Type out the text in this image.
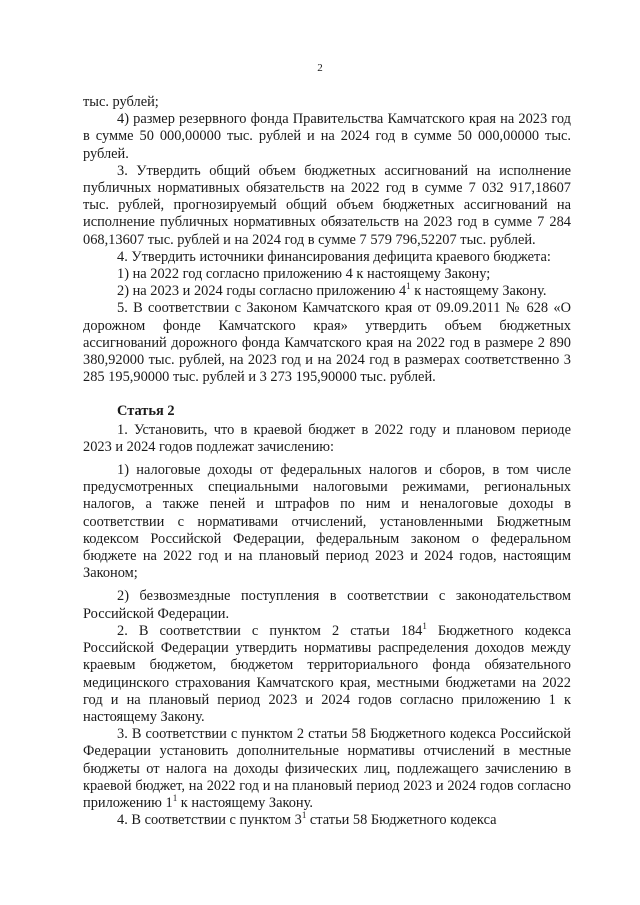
2

тыс. рублей;

4) размер резервного фонда Правительства Камчатского края на 2023 год в сумме 50 000,00000 тыс. рублей и на 2024 год в сумме 50 000,00000 тыс. рублей.

3. Утвердить общий объем бюджетных ассигнований на исполнение публичных нормативных обязательств на 2022 год в сумме 7 032 917,18607 тыс. рублей, прогнозируемый общий объем бюджетных ассигнований на исполнение публичных нормативных обязательств на 2023 год в сумме 7 284 068,13607 тыс. рублей и на 2024 год в сумме 7 579 796,52207 тыс. рублей.

4. Утвердить источники финансирования дефицита краевого бюджета:

1) на 2022 год согласно приложению 4 к настоящему Закону;

2) на 2023 и 2024 годы согласно приложению $4^1$ к настоящему Закону.

5. В соответствии с Законом Камчатского края от 09.09.2011 № 628 «О дорожном фонде Камчатского края» утвердить объем бюджетных ассигнований дорожного фонда Камчатского края на 2022 год в размере 2 890 380,92000 тыс. рублей, на 2023 год и на 2024 год в размерах соответственно 3 285 195,90000 тыс. рублей и 3 273 195,90000 тыс. рублей.

Статья 2

1. Установить, что в краевой бюджет в 2022 году и плановом периоде 2023 и 2024 годов подлежат зачислению:

1) налоговые доходы от федеральных налогов и сборов, в том числе предусмотренных специальными налоговыми режимами, региональных налогов, а также пеней и штрафов по ним и неналоговые доходы в соответствии с нормативами отчислений, установленными Бюджетным кодексом Российской Федерации, федеральным законом о федеральном бюджете на 2022 год и на плановый период 2023 и 2024 годов, настоящим Законом;

2) безвозмездные поступления в соответствии с законодательством Российской Федерации.

2. В соответствии с пунктом 2 статьи $184^1$ Бюджетного кодекса Российской Федерации утвердить нормативы распределения доходов между краевым бюджетом, бюджетом территориального фонда обязательного медицинского страхования Камчатского края, местными бюджетами на 2022 год и на плановый период 2023 и 2024 годов согласно приложению 1 к настоящему Закону.

3. В соответствии с пунктом 2 статьи 58 Бюджетного кодекса Российской Федерации установить дополнительные нормативы отчислений в местные бюджеты от налога на доходы физических лиц, подлежащего зачислению в краевой бюджет, на 2022 год и на плановый период 2023 и 2024 годов согласно приложению $1^1$ к настоящему Закону.

4. В соответствии с пунктом $3^1$ статьи 58 Бюджетного кодекса
